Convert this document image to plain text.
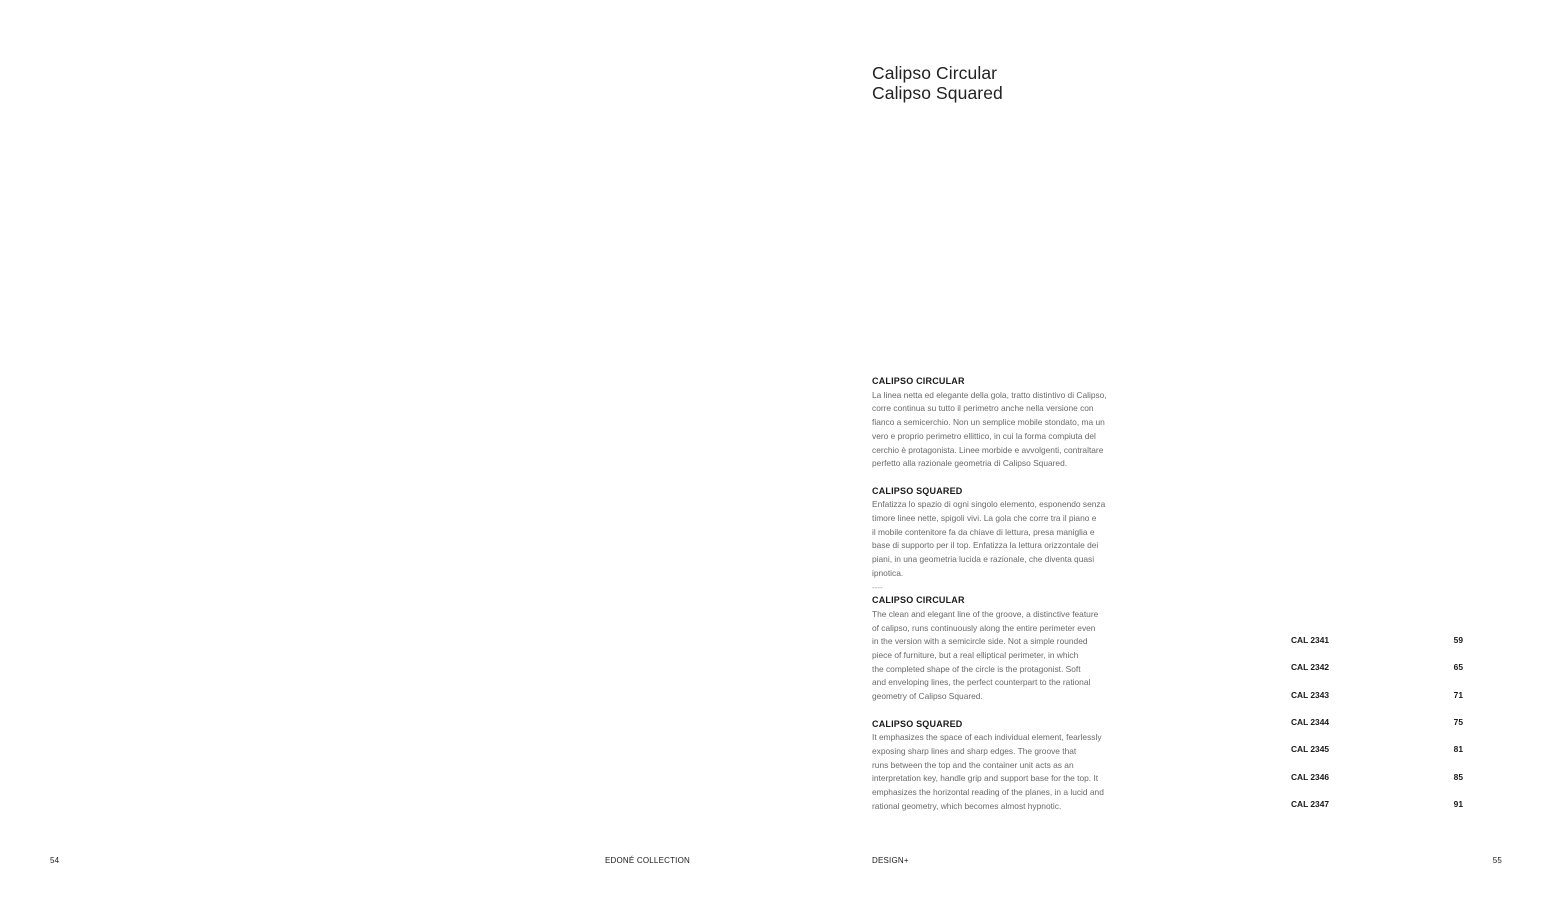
54	EDONÉ COLLECTION
Calipso Circular
Calipso Squared
CALIPSO CIRCULAR
La linea netta ed elegante della gola, tratto distintivo di Calipso,
corre continua su tutto il perimetro anche nella versione con
fianco a semicerchio. Non un semplice mobile stondato, ma un
vero e proprio perimetro ellittico, in cui la forma compiuta del
cerchio è protagonista. Linee morbide e avvolgenti, contraltare
perfetto alla razionale geometria di Calipso Squared.
CALIPSO SQUARED
Enfatizza lo spazio di ogni singolo elemento, esponendo senza
timore linee nette, spigoli vivi. La gola che corre tra il piano e
il mobile contenitore fa da chiave di lettura, presa maniglia e
base di supporto per il top. Enfatizza la lettura orizzontale dei
piani, in una geometria lucida e razionale, che diventa quasi
ipnotica.
----
CALIPSO CIRCULAR
The clean and elegant line of the groove, a distinctive feature
of calipso, runs continuously along the entire perimeter even
in the version with a semicircle side. Not a simple rounded
piece of furniture, but a real elliptical perimeter, in which
the completed shape of the circle is the protagonist. Soft
and enveloping lines, the perfect counterpart to the rational
geometry of Calipso Squared.
CALIPSO SQUARED
It emphasizes the space of each individual element, fearlessly
exposing sharp lines and sharp edges. The groove that
runs between the top and the container unit acts as an
interpretation key, handle grip and support base for the top. It
emphasizes the horizontal reading of the planes, in a lucid and
rational geometry, which becomes almost hypnotic.
CAL 2341	59
CAL 2342	65
CAL 2343	71
CAL 2344	75
CAL 2345	81
CAL 2346	85
CAL 2347	91
DESIGN+	55
